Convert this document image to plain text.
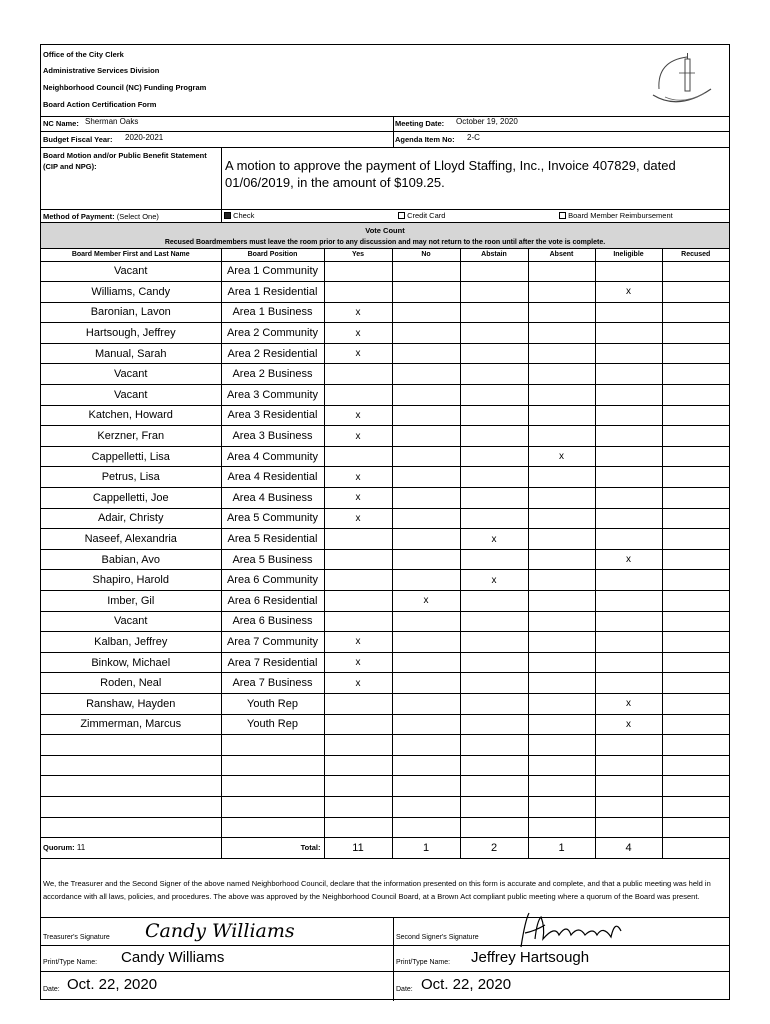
Office of the City Clerk
Administrative Services Division
Neighborhood Council (NC) Funding Program
Board Action Certification Form
NC Name: Sherman Oaks	Meeting Date: October 19, 2020
Budget Fiscal Year: 2020-2021	Agenda Item No: 2-C
Board Motion and/or Public Benefit Statement (CIP and NPG):	A motion to approve the payment of Lloyd Staffing, Inc., Invoice 407829, dated 01/06/2019, in the amount of $109.25.
Method of Payment: (Select One)	Check	Credit Card	Board Member Reimbursement
Vote Count
Recused Boardmembers must leave the room prior to any discussion and may not return to the roon until after the vote is complete.
Board Member First and Last Name	Board Position	Yes	No	Abstain	Absent	Ineligible	Recused
Vacant	Area 1 Community						
Williams, Candy	Area 1 Residential					x	
Baronian, Lavon	Area 1 Business	x					
Hartsough, Jeffrey	Area 2 Community	x					
Manual, Sarah	Area 2 Residential	x					
Vacant	Area 2 Business						
Vacant	Area 3 Community						
Katchen, Howard	Area 3 Residential	x					
Kerzner, Fran	Area 3 Business	x					
Cappelletti, Lisa	Area 4 Community				x		
Petrus, Lisa	Area 4 Residential	x					
Cappelletti, Joe	Area 4 Business	x					
Adair, Christy	Area 5 Community	x					
Naseef, Alexandria	Area 5 Residential			x			
Babian, Avo	Area 5 Business					x	
Shapiro, Harold	Area 6 Community			x			
Imber, Gil	Area 6 Residential		x				
Vacant	Area 6 Business						
Kalban, Jeffrey	Area 7 Community	x					
Binkow, Michael	Area 7 Residential	x					
Roden, Neal	Area 7 Business	x					
Ranshaw, Hayden	Youth Rep					x	
Zimmerman, Marcus	Youth Rep					x	

Quorum: 11	Total:	11	1	2	1	4	
We, the Treasurer and the Second Signer of the above named Neighborhood Council, declare that the information presented on this form is accurate and complete, and that a public meeting was held in accordance with all laws, policies, and procedures. The above was approved by the Neighborhood Council Board, at a Brown Act compliant public meeting where a quorum of the Board was present.
Treasurer's Signature Candy Williams	Second Signer's Signature
Print/Type Name: Candy Williams	Print/Type Name: Jeffrey Hartsough
Date: Oct. 22, 2020	Date: Oct. 22, 2020
